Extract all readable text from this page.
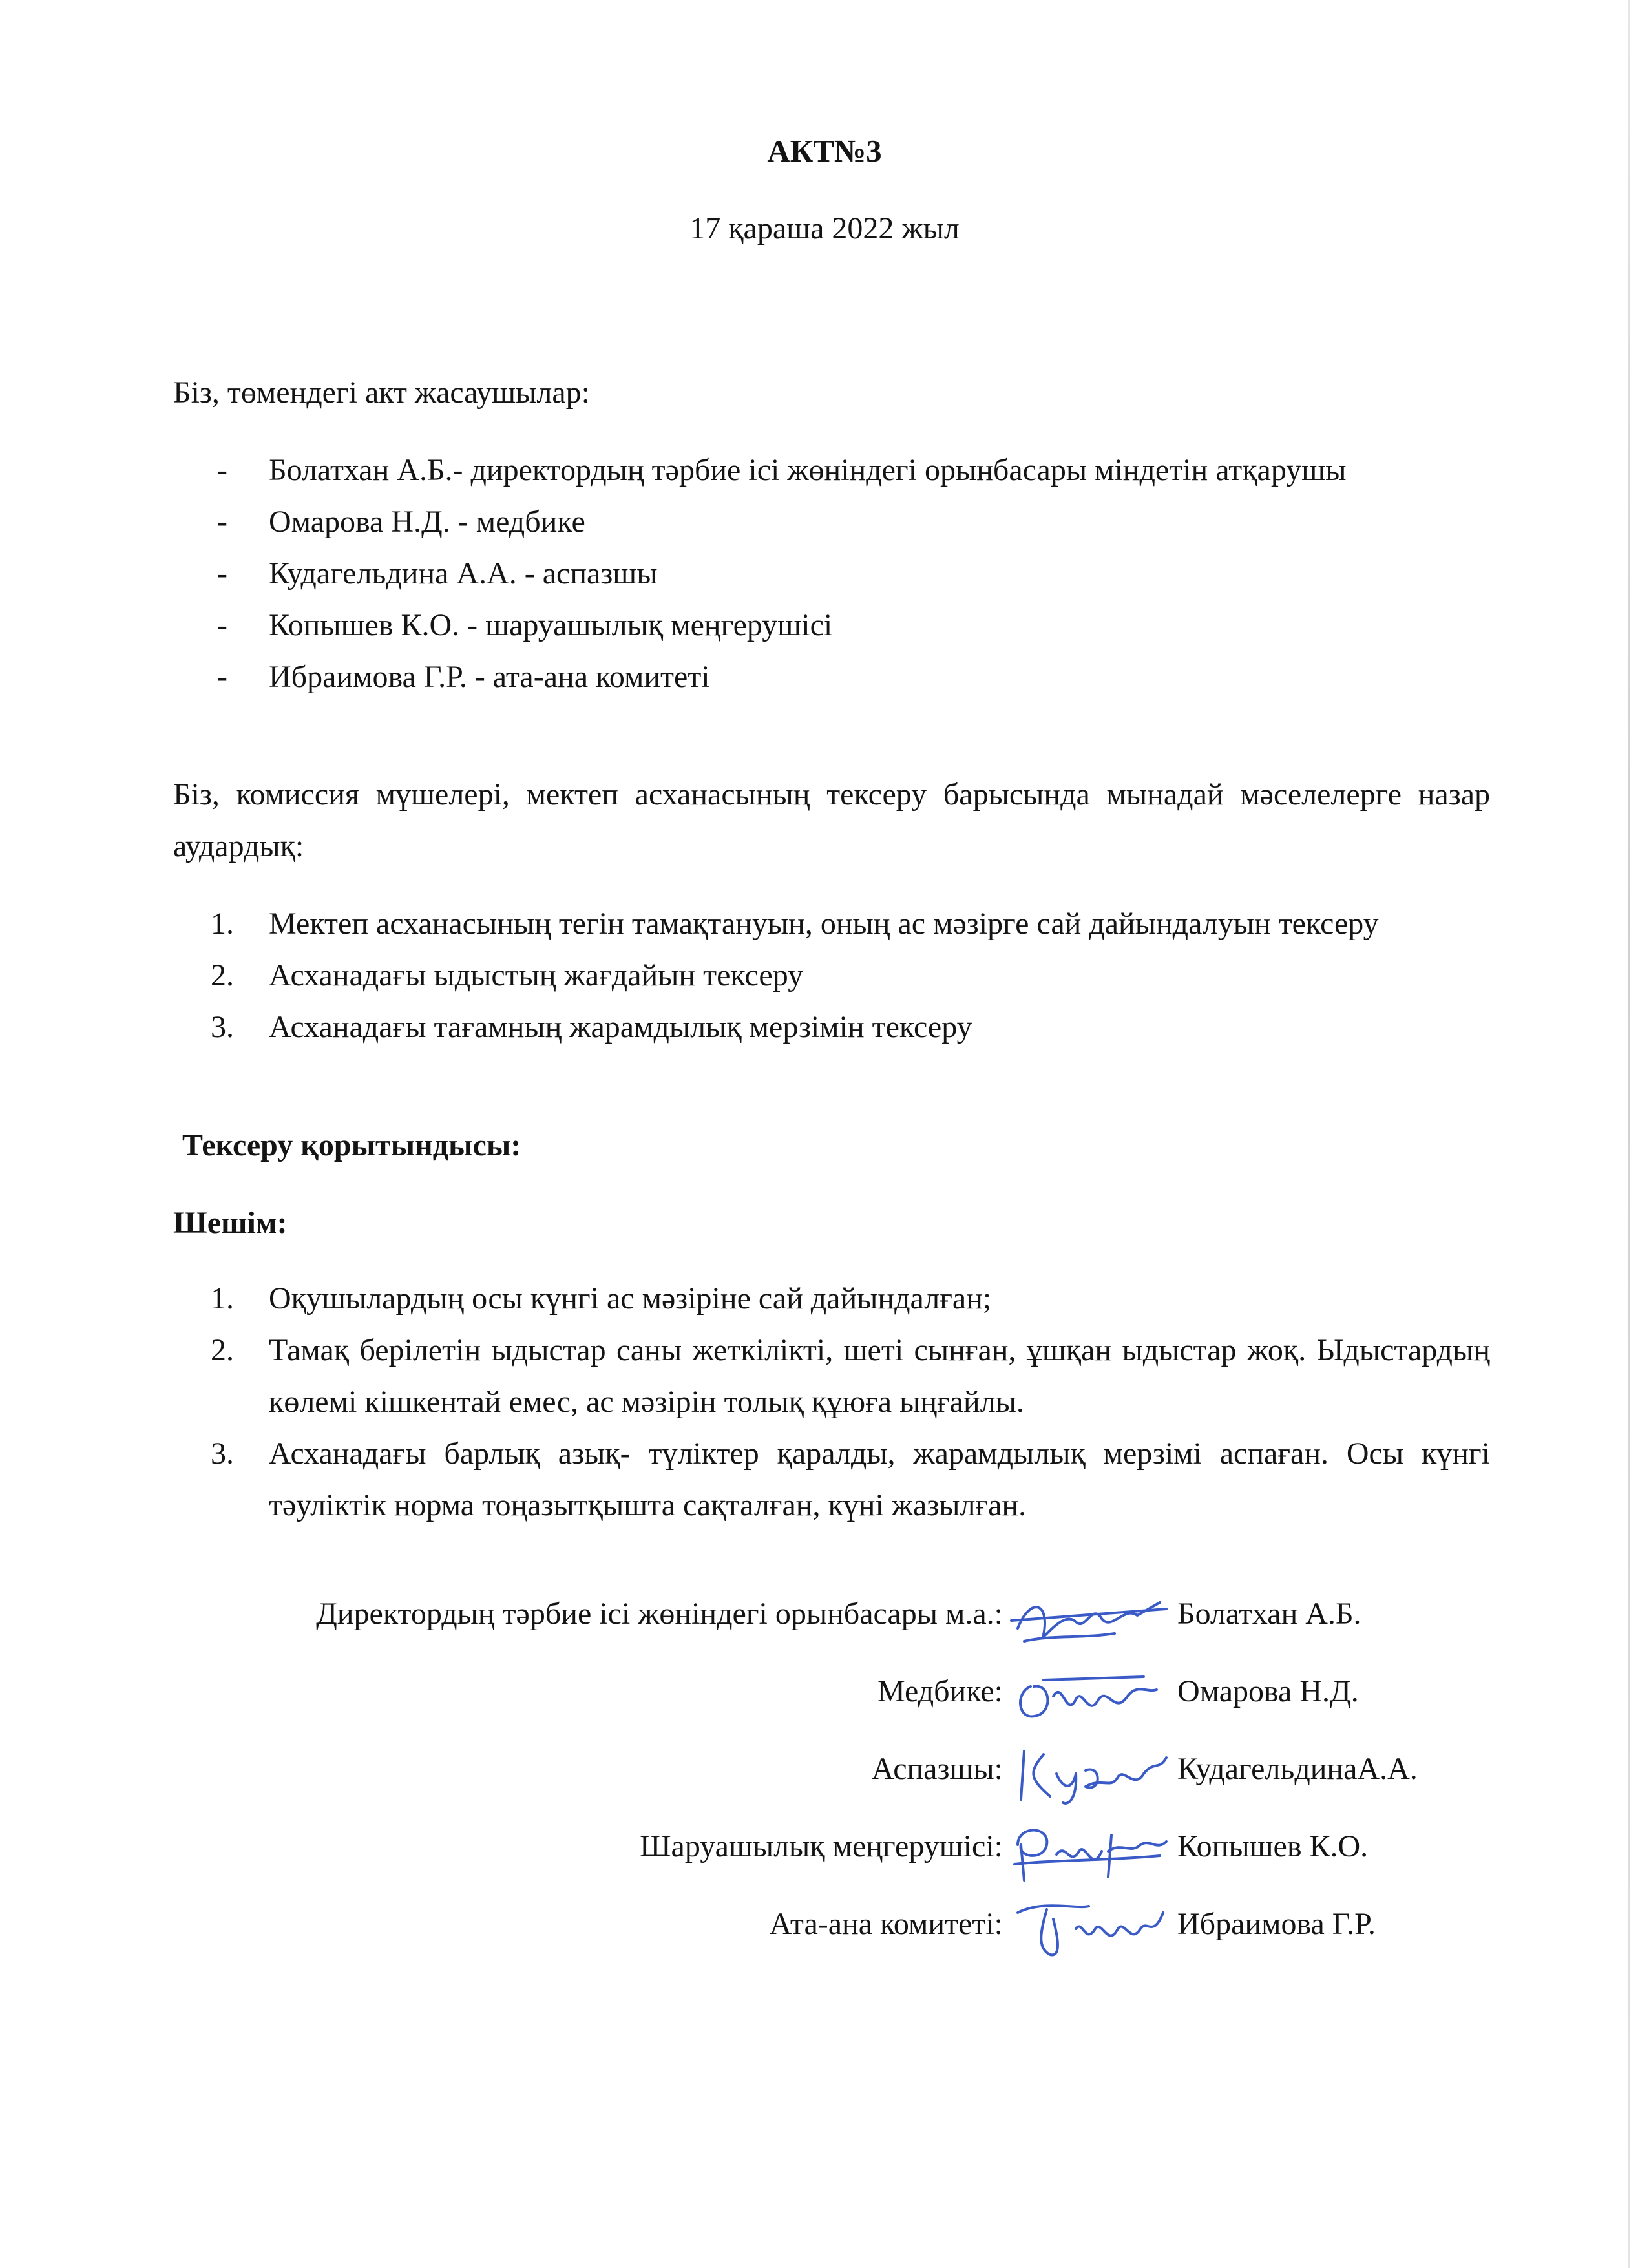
АКТ№3
17 қараша 2022 жыл
Біз, төмендегі акт жасаушылар:
- Болатхан А.Б.- директордың тәрбие ісі жөніндегі орынбасары міндетін атқарушы
- Омарова Н.Д. - медбике
- Кудагельдина А.А. - аспазшы
- Копышев К.О. - шаруашылық меңгерушісі
- Ибраимова Г.Р. - ата-ана комитеті
Біз, комиссия мүшелері, мектеп асханасының тексеру барысында мынадай мәселелерге назар аудардық:
1. Мектеп асханасының тегін тамақтануын, оның ас мәзірге сай дайындалуын тексеру
2. Асханадағы ыдыстың жағдайын тексеру
3. Асханадағы тағамның жарамдылық мерзімін тексеру
Тексеру қорытындысы:
Шешім:
1. Оқушылардың осы күнгі ас мәзіріне сай дайындалған;
2. Тамақ берілетін ыдыстар саны жеткілікті, шеті сынған, ұшқан ыдыстар жоқ. Ыдыстардың көлемі кішкентай емес, ас мәзірін толық құюға ыңғайлы.
3. Асханадағы барлық азық- түліктер қаралды, жарамдылық мерзімі аспаған. Осы күнгі тәуліктік норма тоңазытқышта сақталған, күні жазылған.
Директордың тәрбие ісі жөніндегі орынбасары м.а.:	Болатхан А.Б.
Медбике:	Омарова Н.Д.
Аспазшы:	КудагельдинаА.А.
Шаруашылық меңгерушісі:	Копышев К.О.
Ата-ана комитеті:	Ибраимова Г.Р.
